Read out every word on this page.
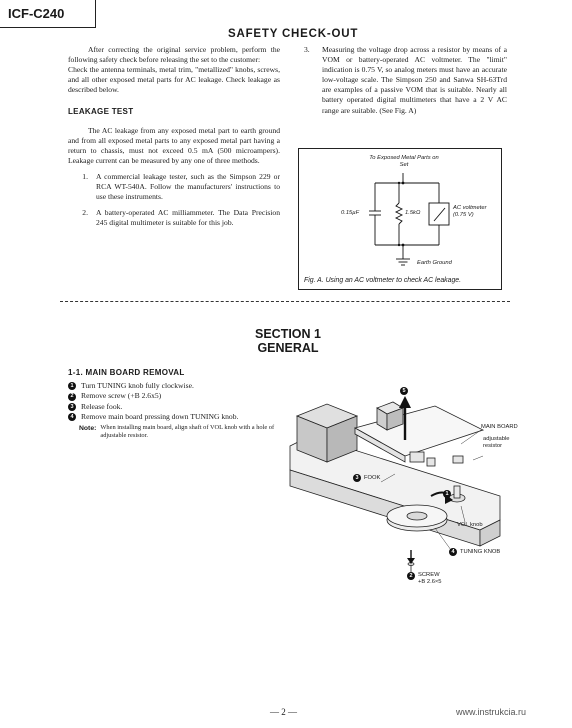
ICF-C240
SAFETY CHECK-OUT

After correcting the original service problem, perform the following safety check before releasing the set to the customer:

Check the antenna terminals, metal trim, "metallized" knobs, screws, and all other exposed metal parts for AC leakage. Check leakage as described below.

LEAKAGE TEST

The AC leakage from any exposed metal part to earth ground and from all exposed metal parts to any exposed metal part having a return to chassis, must not exceed 0.5 mA (500 microampers). Leakage current can be measured by any one of three methods.

1.	A commercial leakage tester, such as the Simpson 229 or RCA WT-540A. Follow the manufacturers' instructions to use these instruments.
2.	A battery-operated AC milliammeter. The Data Precision 245 digital multimeter is suitable for this job.
3.	Measuring the voltage drop across a resistor by means of a VOM or battery-operated AC voltmeter. The "limit" indication is 0.75 V, so analog meters must have an accurate low-voltage scale. The Simpson 250 and Sanwa SH-63Trd are examples of a passive VOM that is suitable. Nearly all battery operated digital multimeters that have a 2 V AC range are suitable. (See Fig. A)
To Exposed Metal Parts on Set
0.15µF	1.5kΩ
AC voltmeter (0.75 V)
Earth Ground
Fig. A. Using an AC voltmeter to check AC leakage.
SECTION 1
GENERAL
1-1. MAIN BOARD REMOVAL
1 Turn TUNING knob fully clockwise.
2 Remove screw (+B 2.6x5)
3 Release fook.
4 Remove main board pressing down TUNING knob.
Note: When installing main board, align shaft of VOL knob with a hole of adjustable resistor.
5
MAIN BOARD
adjustable resistor
3 FOOK
1
VOL knob
4 TUNING KNOB
2 SCREW
+B 2.6×5
— 2 —	www.instrukcia.ru
